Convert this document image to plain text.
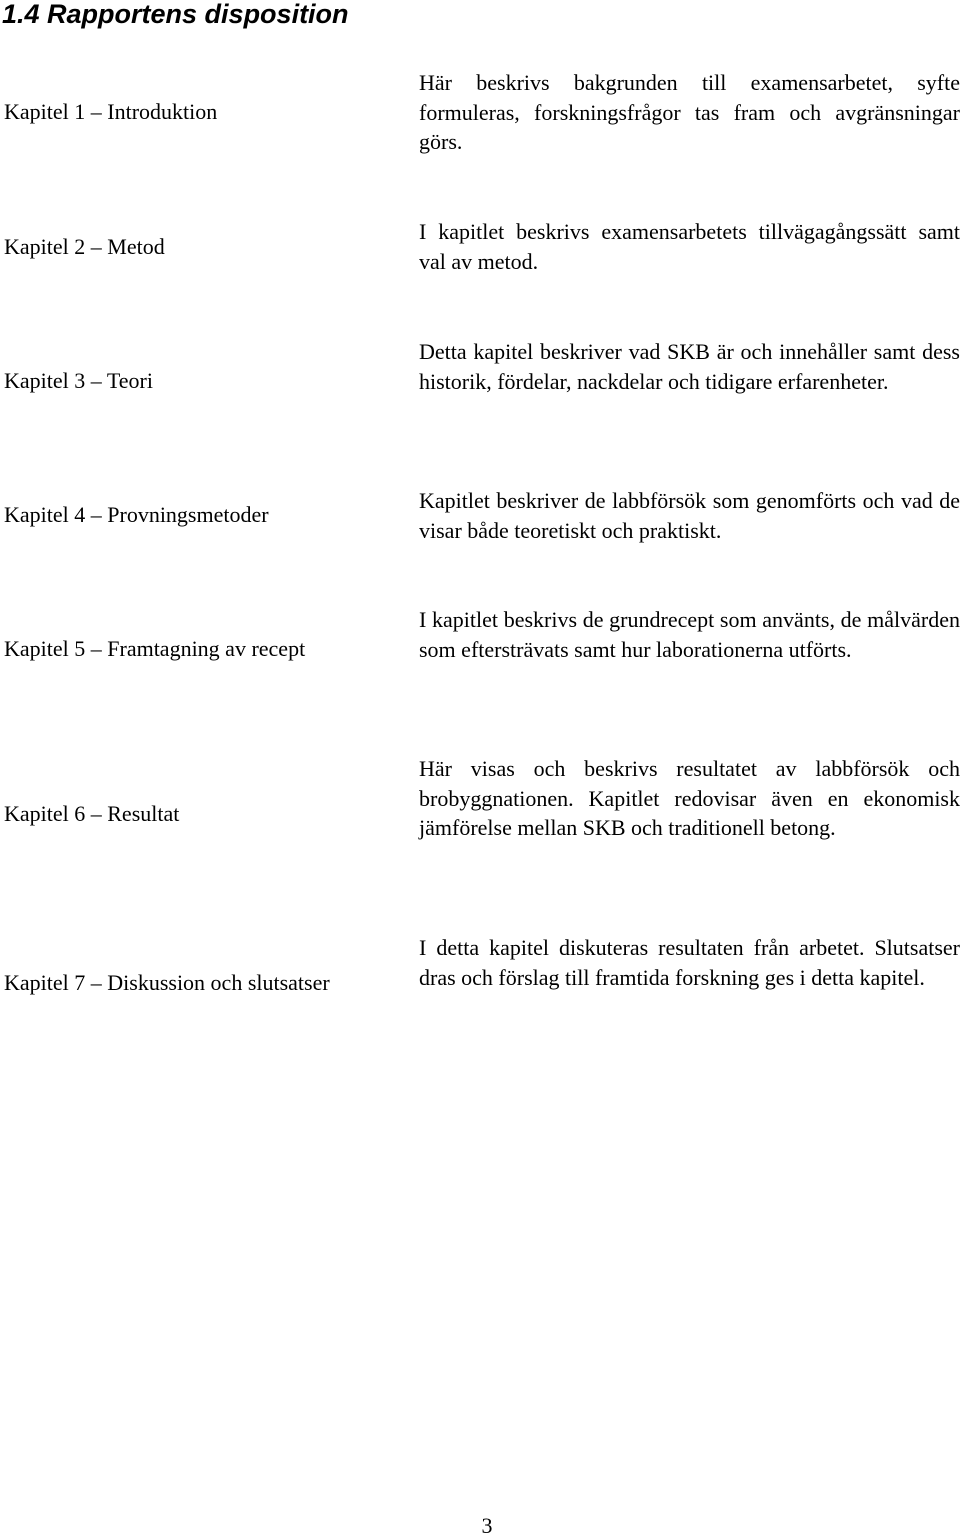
1.4 Rapportens disposition
Kapitel 1 – Introduktion

Här beskrivs bakgrunden till examensarbetet, syfte formuleras, forskningsfrågor tas fram och avgränsningar görs.

Kapitel 2 – Metod

I kapitlet beskrivs examensarbetets tillvägagångssätt samt val av metod.

Kapitel 3 – Teori

Detta kapitel beskriver vad SKB är och innehåller samt dess historik, fördelar, nackdelar och tidigare erfarenheter.

Kapitel 4 – Provningsmetoder

Kapitlet beskriver de labbförsök som genomförts och vad de visar både teoretiskt och praktiskt.

Kapitel 5 – Framtagning av recept

I kapitlet beskrivs de grundrecept som använts, de målvärden som eftersträvats samt hur laborationerna utförts.

Kapitel 6 – Resultat

Här visas och beskrivs resultatet av labbförsök och brobyggnationen. Kapitlet redovisar även en ekonomisk jämförelse mellan SKB och traditionell betong.

Kapitel 7 – Diskussion och slutsatser

I detta kapitel diskuteras resultaten från arbetet. Slutsatser dras och förslag till framtida forskning ges i detta kapitel.

3
